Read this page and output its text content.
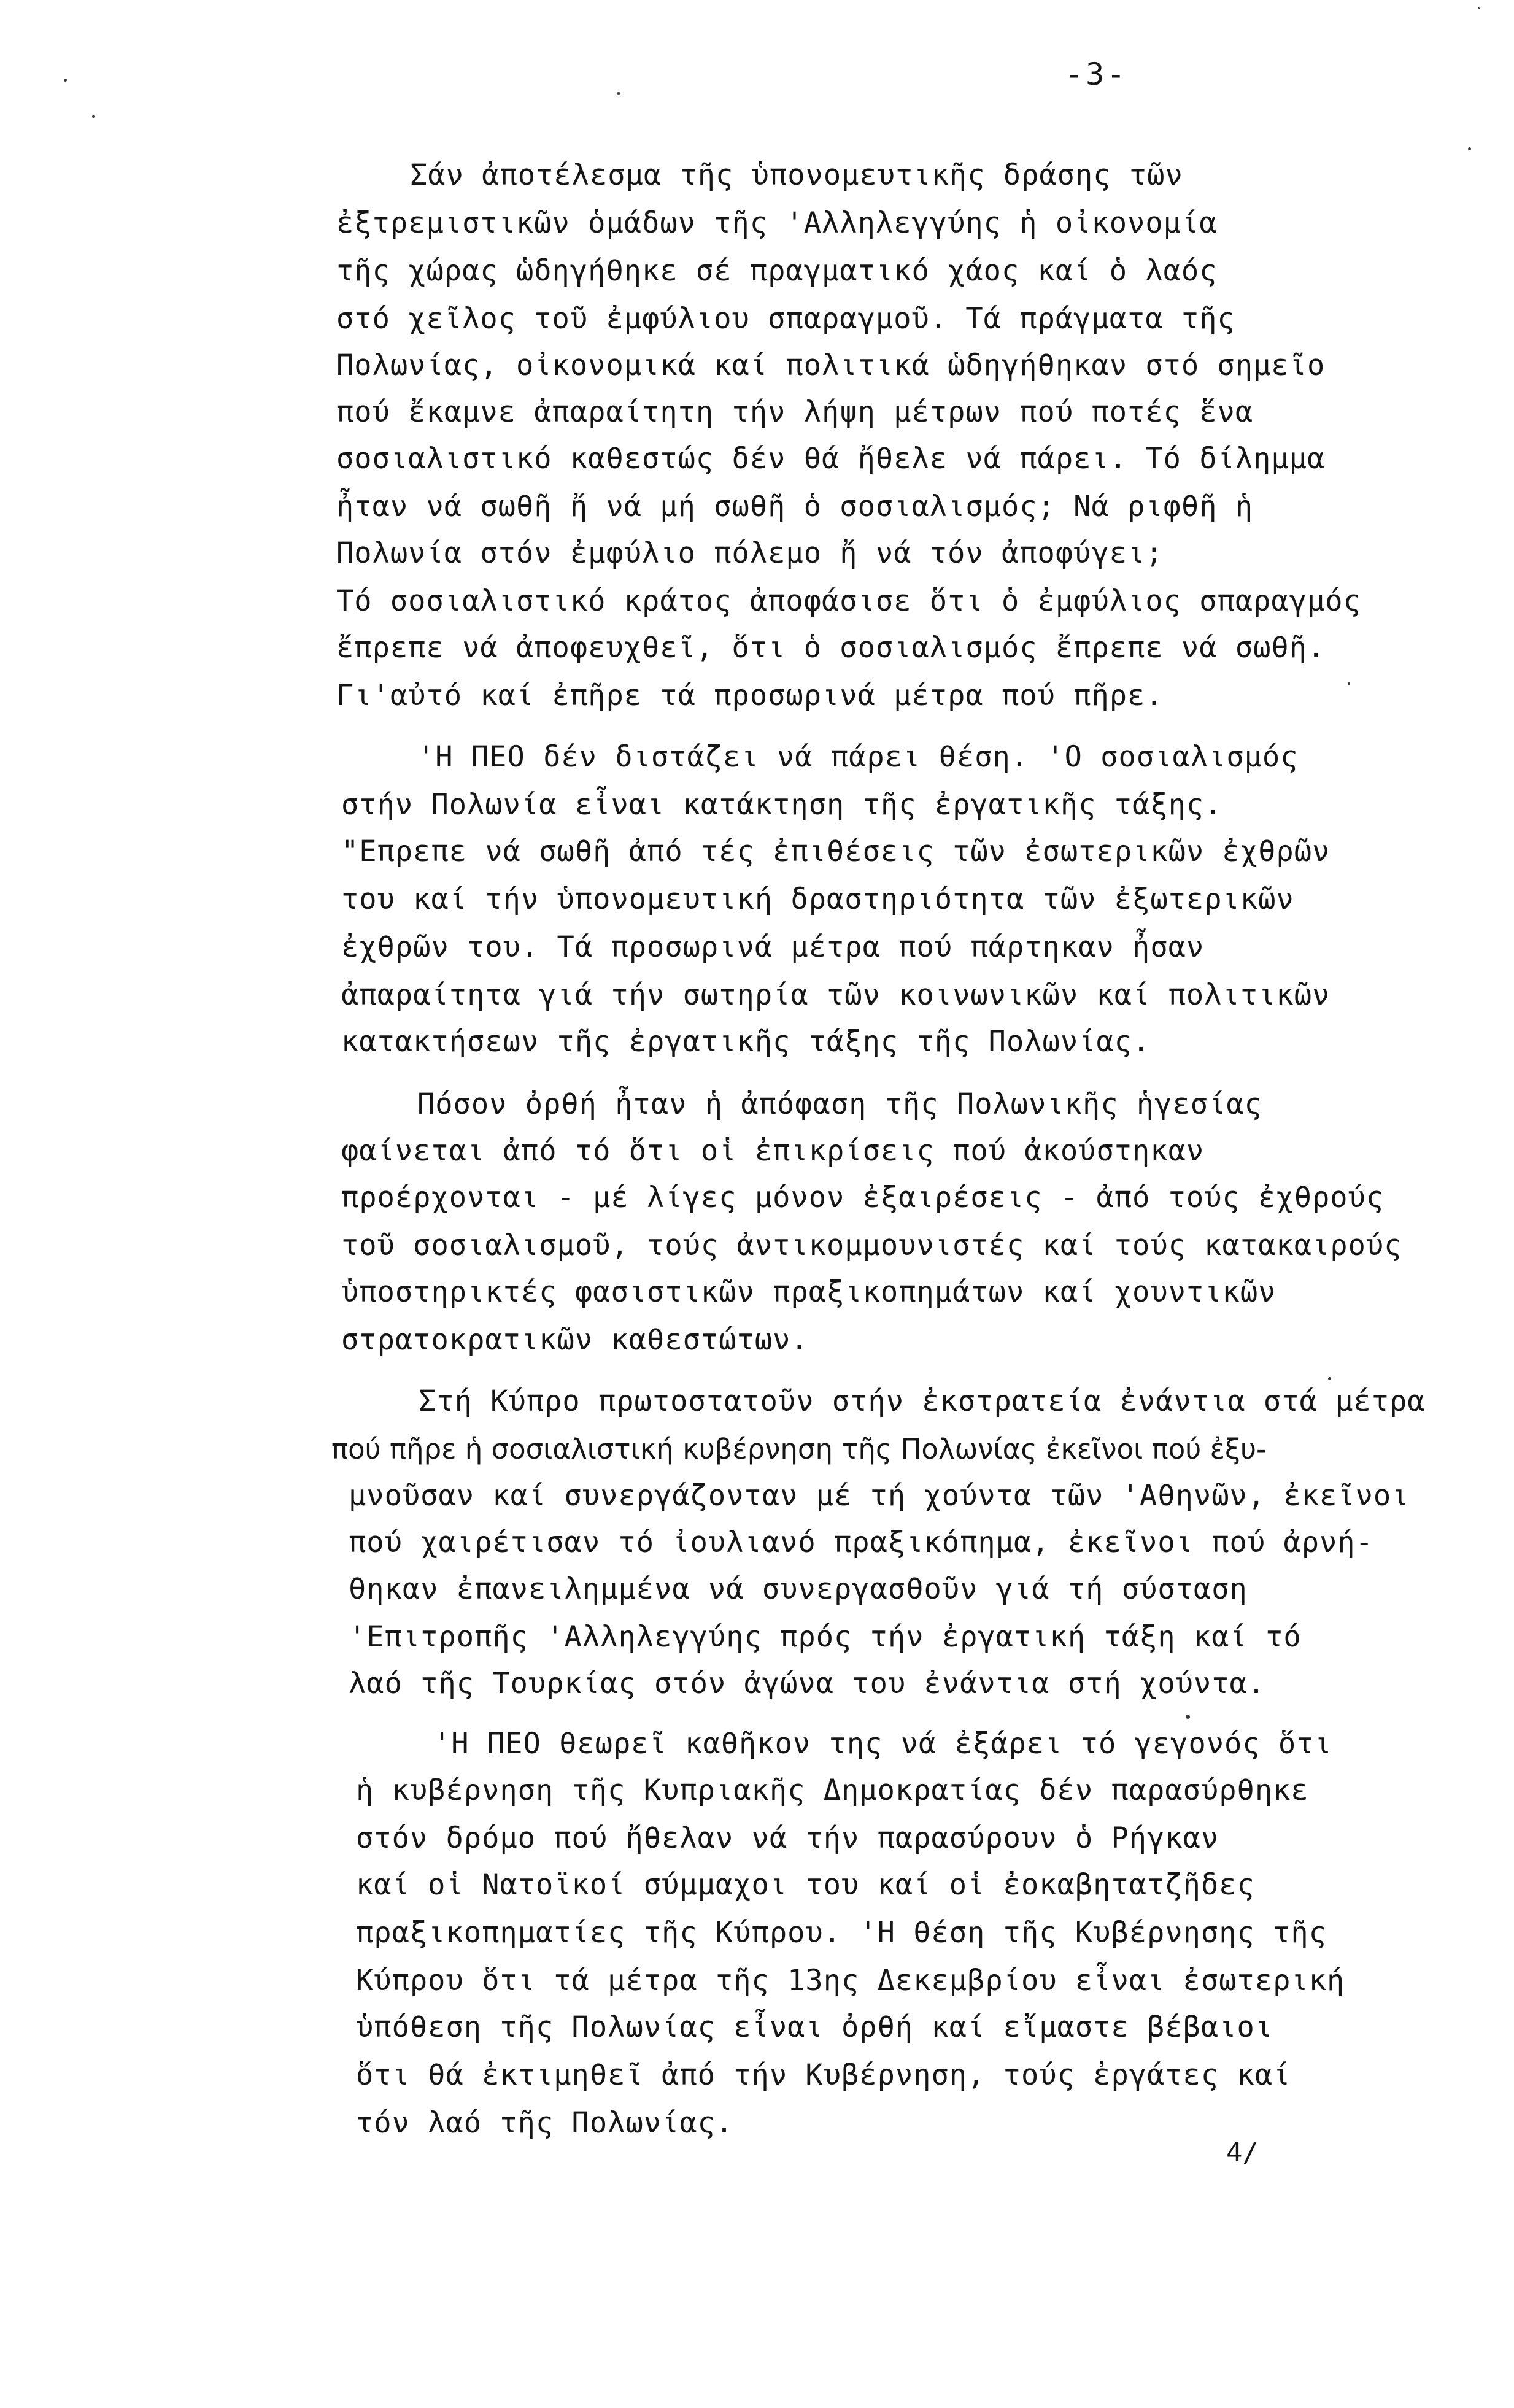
-3-
Σάν ἀποτέλεσμα τῆς ὑπονομευτικῆς δράσης τῶν
ἐξτρεμιστικῶν ὁμάδων τῆς 'Αλληλεγγύης ἡ οἰκονομία
τῆς χώρας ὡδηγήθηκε σέ πραγματικό χάος καί ὁ λαός
στό χεῖλος τοῦ ἐμφύλιου σπαραγμοῦ. Τά πράγματα τῆς
Πολωνίας, οἰκονομικά καί πολιτικά ὡδηγήθηκαν στό σημεῖο
πού ἔκαμνε ἀπαραίτητη τήν λήψη μέτρων πού ποτές ἕνα
σοσιαλιστικό καθεστώς δέν θά ἤθελε νά πάρει. Τό δίλημμα
ἦταν νά σωθῆ ἤ νά μή σωθῆ ὁ σοσιαλισμός; Νά ριφθῆ ἡ
Πολωνία στόν ἐμφύλιο πόλεμο ἤ νά τόν ἀποφύγει;
Τό σοσιαλιστικό κράτος ἀποφάσισε ὅτι ὁ ἐμφύλιος σπαραγμός
ἔπρεπε νά ἀποφευχθεῖ, ὅτι ὁ σοσιαλισμός ἔπρεπε νά σωθῆ.
Γι'αὐτό καί ἐπῆρε τά προσωρινά μέτρα πού πῆρε.
'Η ΠΕΟ δέν διστάζει νά πάρει θέση. 'Ο σοσιαλισμός
στήν Πολωνία εἶναι κατάκτηση τῆς ἐργατικῆς τάξης.
"Επρεπε νά σωθῆ ἀπό τές ἐπιθέσεις τῶν ἐσωτερικῶν ἐχθρῶν
του καί τήν ὑπονομευτική δραστηριότητα τῶν ἐξωτερικῶν
ἐχθρῶν του. Τά προσωρινά μέτρα πού πάρτηκαν ἦσαν
ἀπαραίτητα γιά τήν σωτηρία τῶν κοινωνικῶν καί πολιτικῶν
κατακτήσεων τῆς ἐργατικῆς τάξης τῆς Πολωνίας.
Πόσον ὀρθή ἦταν ἡ ἀπόφαση τῆς Πολωνικῆς ἡγεσίας
φαίνεται ἀπό τό ὅτι οἱ ἐπικρίσεις πού ἀκούστηκαν
προέρχονται - μέ λίγες μόνον ἐξαιρέσεις - ἀπό τούς ἐχθρούς
τοῦ σοσιαλισμοῦ, τούς ἀντικομμουνιστές καί τούς κατακαιρούς
ὑποστηρικτές φασιστικῶν πραξικοπημάτων καί χουντικῶν
στρατοκρατικῶν καθεστώτων.
Στή Κύπρο πρωτοστατοῦν στήν ἐκστρατεία ἐνάντια στά μέτρα
πού πῆρε ἡ σοσιαλιστική κυβέρνηση τῆς Πολωνίας ἐκεῖνοι πού ἐξυ-
μνοῦσαν καί συνεργάζονταν μέ τή χούντα τῶν 'Αθηνῶν, ἐκεῖνοι
πού χαιρέτισαν τό ἰουλιανό πραξικόπημα, ἐκεῖνοι πού ἀρνή-
θηκαν ἐπανειλημμένα νά συνεργασθοῦν γιά τή σύσταση
'Επιτροπῆς 'Αλληλεγγύης πρός τήν ἐργατική τάξη καί τό
λαό τῆς Τουρκίας στόν ἀγώνα του ἐνάντια στή χούντα.
'Η ΠΕΟ θεωρεῖ καθῆκον της νά ἐξάρει τό γεγονός ὅτι
ἡ κυβέρνηση τῆς Κυπριακῆς Δημοκρατίας δέν παρασύρθηκε
στόν δρόμο πού ἤθελαν νά τήν παρασύρουν ὁ Ρήγκαν
καί οἱ Νατοϊκοί σύμμαχοι του καί οἱ ἐοκαβητατζῆδες
πραξικοπηματίες τῆς Κύπρου. 'Η θέση τῆς Κυβέρνησης τῆς
Κύπρου ὅτι τά μέτρα τῆς 13ης Δεκεμβρίου εἶναι ἐσωτερική
ὑπόθεση τῆς Πολωνίας εἶναι ὀρθή καί εἴμαστε βέβαιοι
ὅτι θά ἐκτιμηθεῖ ἀπό τήν Κυβέρνηση, τούς ἐργάτες καί
τόν λαό τῆς Πολωνίας.
4/
